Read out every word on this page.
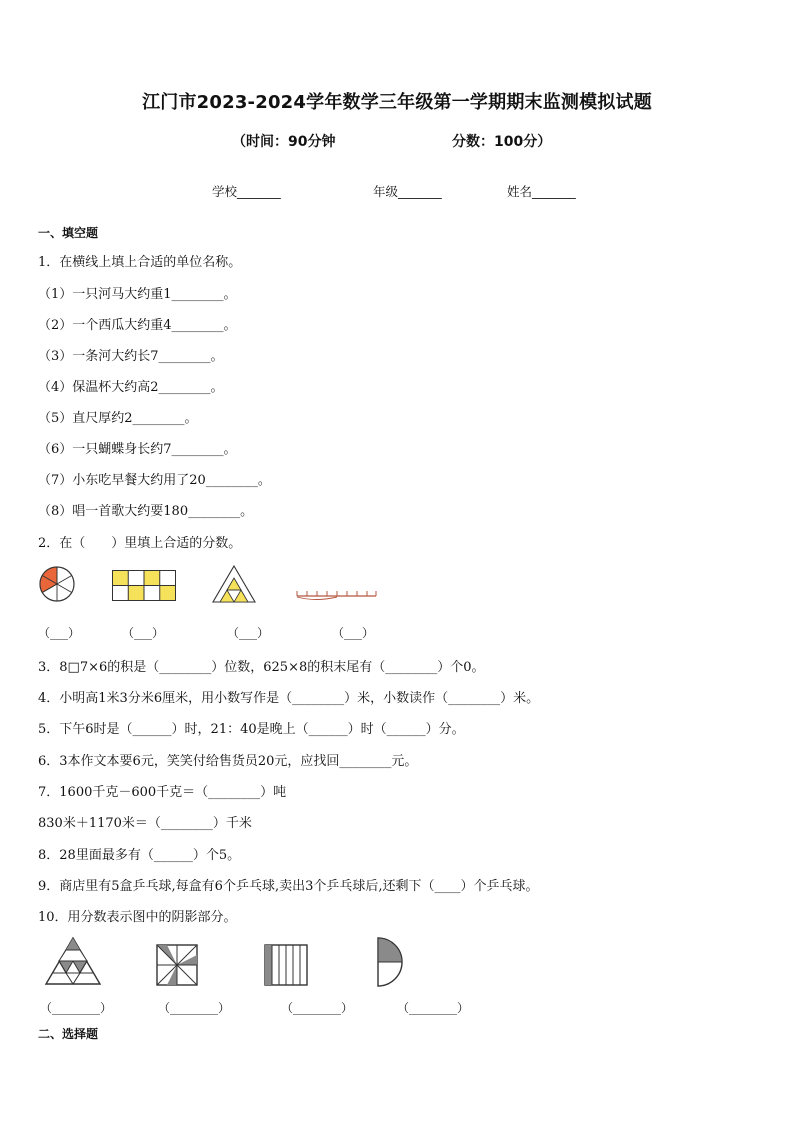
江门市2023-2024学年数学三年级第一学期期末监测模拟试题
（时间：90分钟	分数：100分）
学校_______	年级_______	姓名_______
一、填空题
1．在横线上填上合适的单位名称。
（1）一只河马大约重1________。
（2）一个西瓜大约重4________。
（3）一条河大约长7________。
（4）保温杯大约高2________。
（5）直尺厚约2________。
（6）一只蝴蝶身长约7________。
（7）小东吃早餐大约用了20________。
（8）唱一首歌大约要180________。
2．在（　　）里填上合适的分数。
（___）	（___）	（___）	（___）
3．8□7×6的积是（________）位数，625×8的积末尾有（________）个0。
4．小明高1米3分米6厘米，用小数写作是（________）米，小数读作（________）米。
5．下午6时是（______）时，21：40是晚上（______）时（______）分。
6．3本作文本要6元，笑笑付给售货员20元，应找回________元。
7．1600千克－600千克＝（________）吨
830米＋1170米＝（________）千米
8．28里面最多有（______）个5。
9．商店里有5盒乒乓球,每盒有6个乒乓球,卖出3个乒乓球后,还剩下（____）个乒乓球。
10．用分数表示图中的阴影部分。
（________）	（________）	（________）	（________）
二、选择题
